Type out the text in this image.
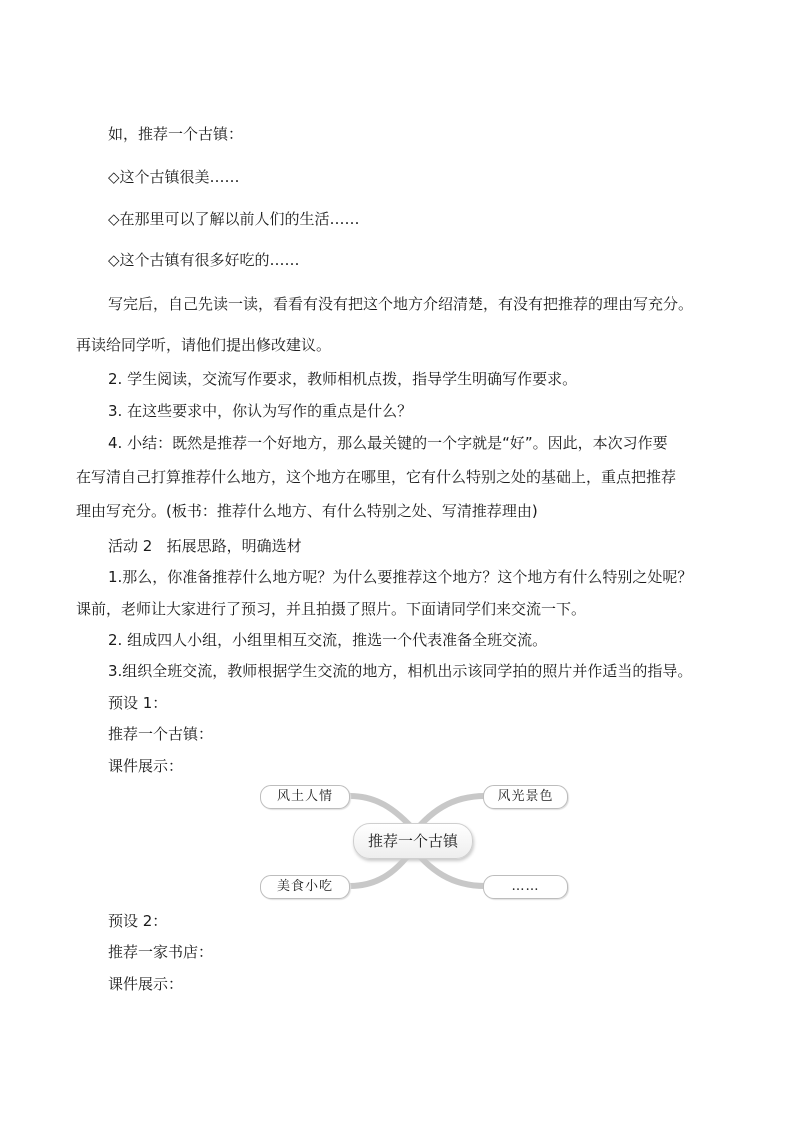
如，推荐一个古镇：
◇这个古镇很美……
◇在那里可以了解以前人们的生活……
◇这个古镇有很多好吃的……
写完后，自己先读一读，看看有没有把这个地方介绍清楚，有没有把推荐的理由写充分。
再读给同学听，请他们提出修改建议。
2. 学生阅读，交流写作要求，教师相机点拨，指导学生明确写作要求。
3. 在这些要求中，你认为写作的重点是什么？
4. 小结：既然是推荐一个好地方，那么最关键的一个字就是“好”。因此，本次习作要
在写清自己打算推荐什么地方，这个地方在哪里，它有什么特别之处的基础上，重点把推荐
理由写充分。(板书：推荐什么地方、有什么特别之处、写清推荐理由)
活动 2   拓展思路，明确选材
1.那么，你准备推荐什么地方呢？为什么要推荐这个地方？这个地方有什么特别之处呢？
课前，老师让大家进行了预习，并且拍摄了照片。下面请同学们来交流一下。
2. 组成四人小组，小组里相互交流，推选一个代表准备全班交流。
3.组织全班交流，教师根据学生交流的地方，相机出示该同学拍的照片并作适当的指导。
预设 1：
推荐一个古镇：
课件展示：
风土人情	风光景色
推荐一个古镇
美食小吃	……
预设 2：
推荐一家书店：
课件展示：
